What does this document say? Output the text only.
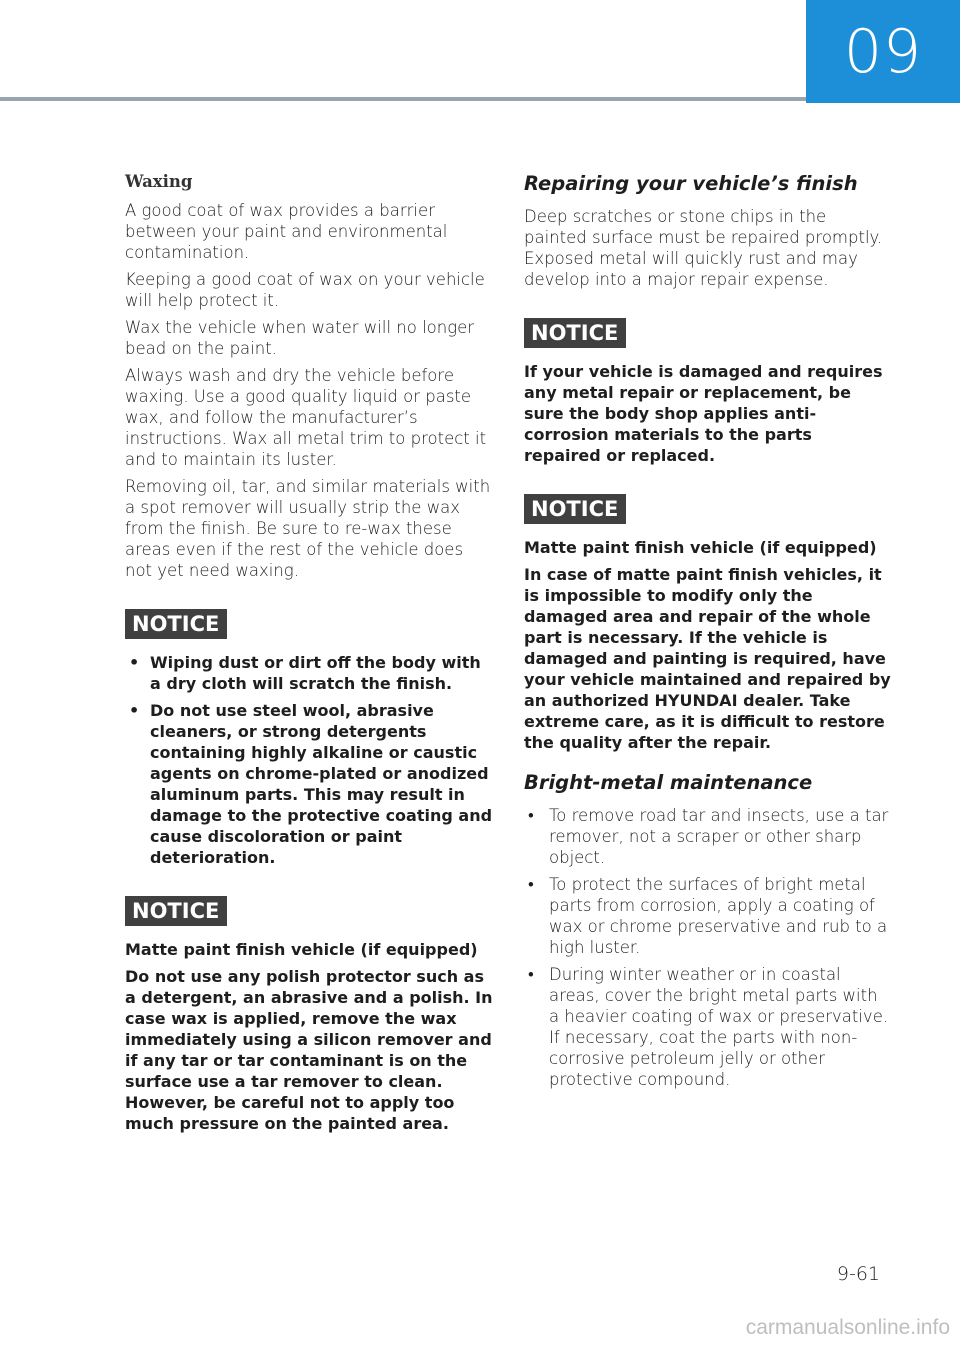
09
Waxing

A good coat of wax provides a barrier between your paint and environmental contamination.

Keeping a good coat of wax on your vehicle will help protect it.

Wax the vehicle when water will no longer bead on the paint.

Always wash and dry the vehicle before waxing. Use a good quality liquid or paste wax, and follow the manufacturer’s instructions. Wax all metal trim to protect it and to maintain its luster.

Removing oil, tar, and similar materials with a spot remover will usually strip the wax from the finish. Be sure to re-wax these areas even if the rest of the vehicle does not yet need waxing.

NOTICE
• Wiping dust or dirt off the body with a dry cloth will scratch the finish.
• Do not use steel wool, abrasive cleaners, or strong detergents containing highly alkaline or caustic agents on chrome-plated or anodized aluminum parts. This may result in damage to the protective coating and cause discoloration or paint deterioration.
NOTICE

Matte paint finish vehicle (if equipped)

Do not use any polish protector such as a detergent, an abrasive and a polish. In case wax is applied, remove the wax immediately using a silicon remover and if any tar or tar contaminant is on the surface use a tar remover to clean. However, be careful not to apply too much pressure on the painted area.

Repairing your vehicle’s finish

Deep scratches or stone chips in the painted surface must be repaired promptly. Exposed metal will quickly rust and may develop into a major repair expense.

NOTICE

If your vehicle is damaged and requires any metal repair or replacement, be sure the body shop applies anti-corrosion materials to the parts repaired or replaced.

NOTICE

Matte paint finish vehicle (if equipped)

In case of matte paint finish vehicles, it is impossible to modify only the damaged area and repair of the whole part is necessary. If the vehicle is damaged and painting is required, have your vehicle maintained and repaired by an authorized HYUNDAI dealer. Take extreme care, as it is difficult to restore the quality after the repair.

Bright-metal maintenance
• To remove road tar and insects, use a tar remover, not a scraper or other sharp object.
• To protect the surfaces of bright metal parts from corrosion, apply a coating of wax or chrome preservative and rub to a high luster.
• During winter weather or in coastal areas, cover the bright metal parts with a heavier coating of wax or preservative. If necessary, coat the parts with non-corrosive petroleum jelly or other protective compound.
9-61
carmanualsonline.info
